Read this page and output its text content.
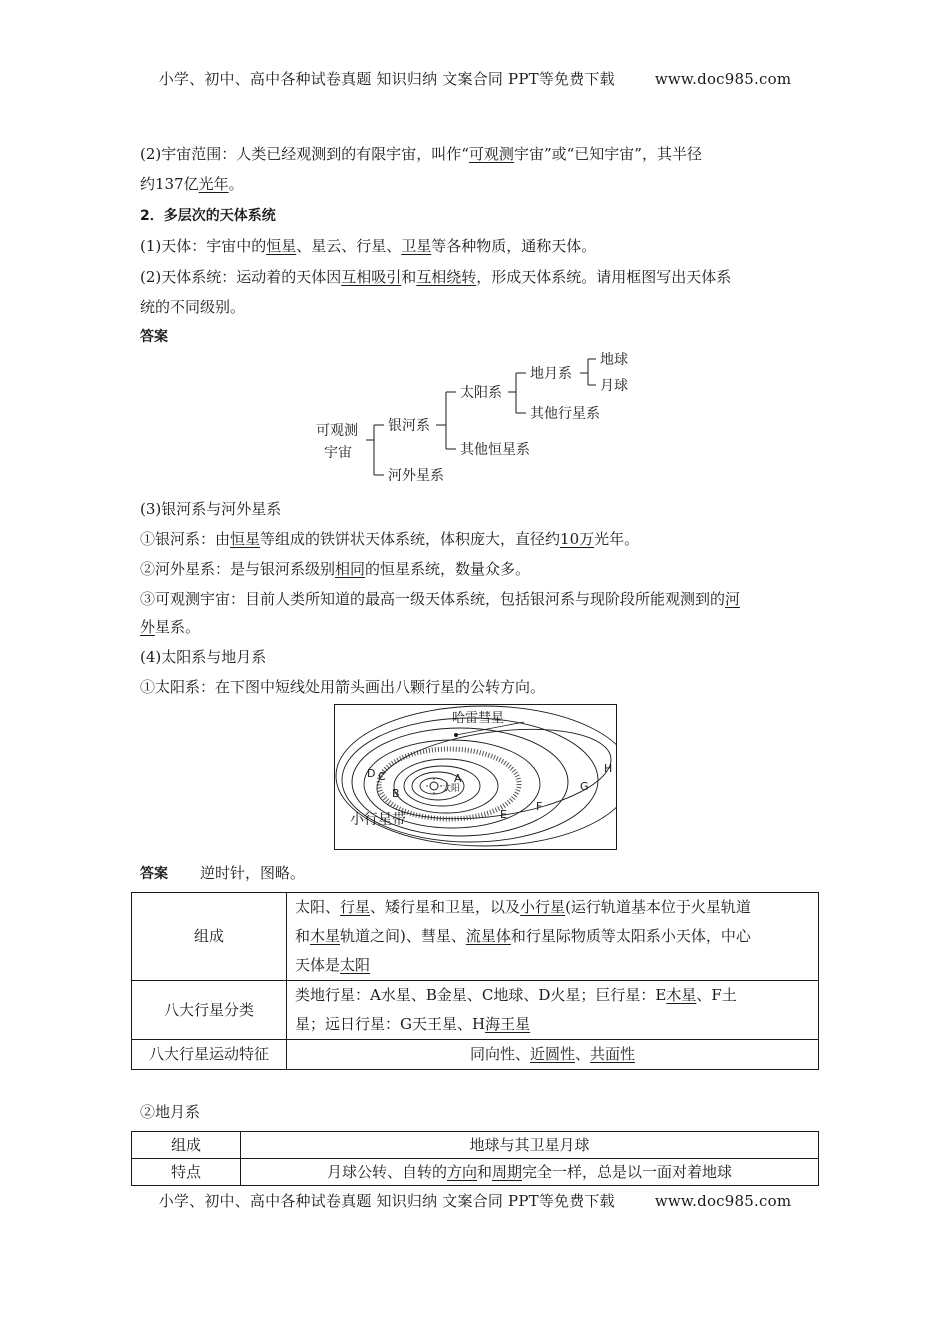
小学、初中、高中各种试卷真题 知识归纳 文案合同 PPT等免费下载	www.doc985.com
(2)宇宙范围：人类已经观测到的有限宇宙，叫作“可观测宇宙”或“已知宇宙”，其半径
约137亿光年。
2．多层次的天体系统
(1)天体：宇宙中的恒星、星云、行星、卫星等各种物质，通称天体。
(2)天体系统：运动着的天体因互相吸引和互相绕转，形成天体系统。请用框图写出天体系
统的不同级别。
答案
可观测
宇宙
银河系
河外星系
太阳系
其他恒星系
地月系
其他行星系
地球
月球
(3)银河系与河外星系
①银河系：由恒星等组成的铁饼状天体系统，体积庞大，直径约10万光年。
②河外星系：是与银河系级别相同的恒星系统，数量众多。
③可观测宇宙：目前人类所知道的最高一级天体系统，包括银河系与现阶段所能观测到的河
外星系。
(4)太阳系与地月系
①太阳系：在下图中短线处用箭头画出八颗行星的公转方向。
哈雷彗星
太阳
小行星带
A
B
C
D
E
F
G
H
答案 逆时针，图略。
组成	太阳、行星、矮行星和卫星，以及小行星(运行轨道基本位于火星轨道
和木星轨道之间)、彗星、流星体和行星际物质等太阳系小天体，中心
天体是太阳
八大行星分类	类地行星：A水星、B金星、C地球、D火星；巨行星：E木星、F土
星；远日行星：G天王星、H海王星
八大行星运动特征	同向性、近圆性、共面性
②地月系
组成	地球与其卫星月球
特点	月球公转、自转的方向和周期完全一样，总是以一面对着地球
小学、初中、高中各种试卷真题 知识归纳 文案合同 PPT等免费下载	www.doc985.com
